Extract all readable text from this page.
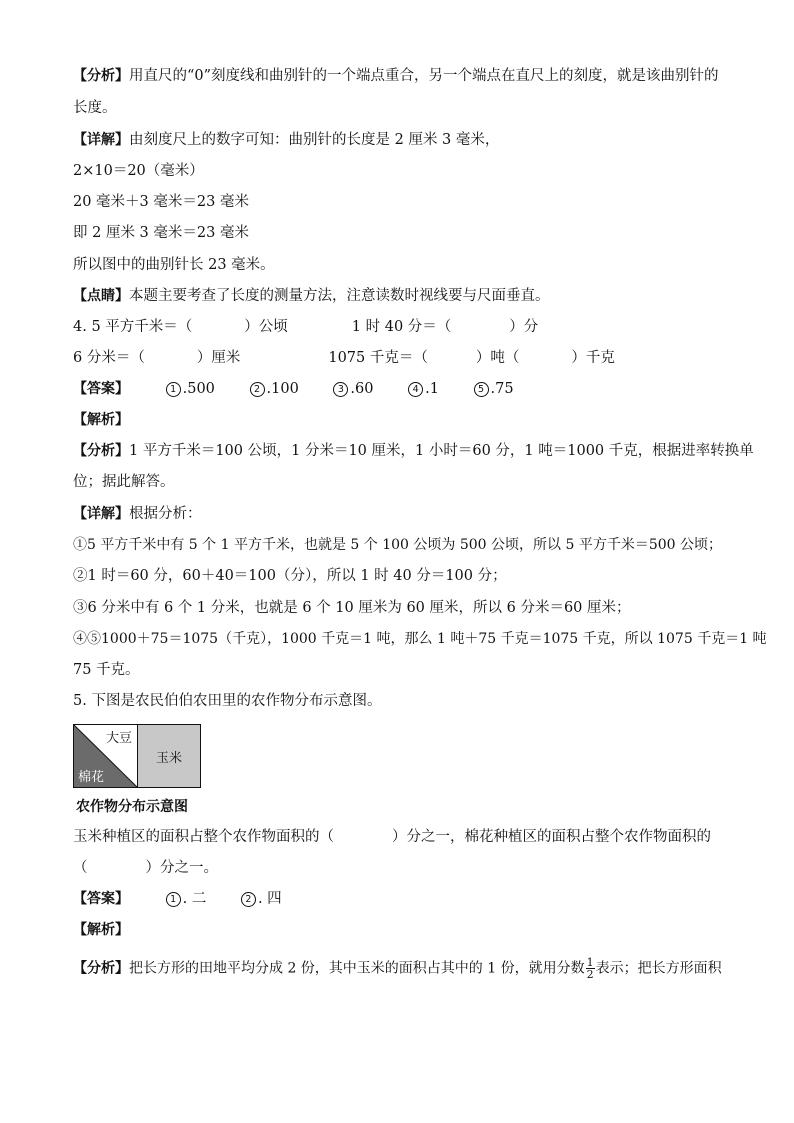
【分析】用直尺的“0”刻度线和曲别针的一个端点重合，另一个端点在直尺上的刻度，就是该曲别针的
长度。
【详解】由刻度尺上的数字可知：曲别针的长度是 2 厘米 3 毫米，
2×10＝20（毫米）
20 毫米＋3 毫米＝23 毫米
即 2 厘米 3 毫米＝23 毫米
所以图中的曲别针长 23 毫米。
【点睛】本题主要考查了长度的测量方法，注意读数时视线要与尺面垂直。
4. 5 平方千米＝（	）公顷	1 时 40 分＝（	）分
6 分米＝（	）厘米	1075 千克＝（	）吨（	）千克
【答案】	1 .500	2 .100	3 .60	4 .1	5 .75
【解析】
【分析】1 平方千米＝100 公顷，1 分米＝10 厘米，1 小时＝60 分，1 吨＝1000 千克，根据进率转换单
位；据此解答。
【详解】根据分析：
①5 平方千米中有 5 个 1 平方千米，也就是 5 个 100 公顷为 500 公顷，所以 5 平方千米＝500 公顷；
②1 时＝60 分，60＋40＝100（分），所以 1 时 40 分＝100 分；
③6 分米中有 6 个 1 分米，也就是 6 个 10 厘米为 60 厘米，所以 6 分米＝60 厘米；
④⑤1000＋75＝1075（千克），1000 千克＝1 吨，那么 1 吨＋75 千克＝1075 千克，所以 1075 千克＝1 吨
75 千克。
5. 下图是农民伯伯农田里的农作物分布示意图。
大豆
玉米
棉花
农作物分布示意图
玉米种植区的面积占整个农作物面积的（	）分之一，棉花种植区的面积占整个农作物面积的
（	）分之一。
【答案】	1 . 二	2 . 四
【解析】
【分析】把长方形的田地平均分成 2 份，其中玉米的面积占其中的 1 份，就用分数 $\frac{1}{2}$ 表示；把长方形面积
